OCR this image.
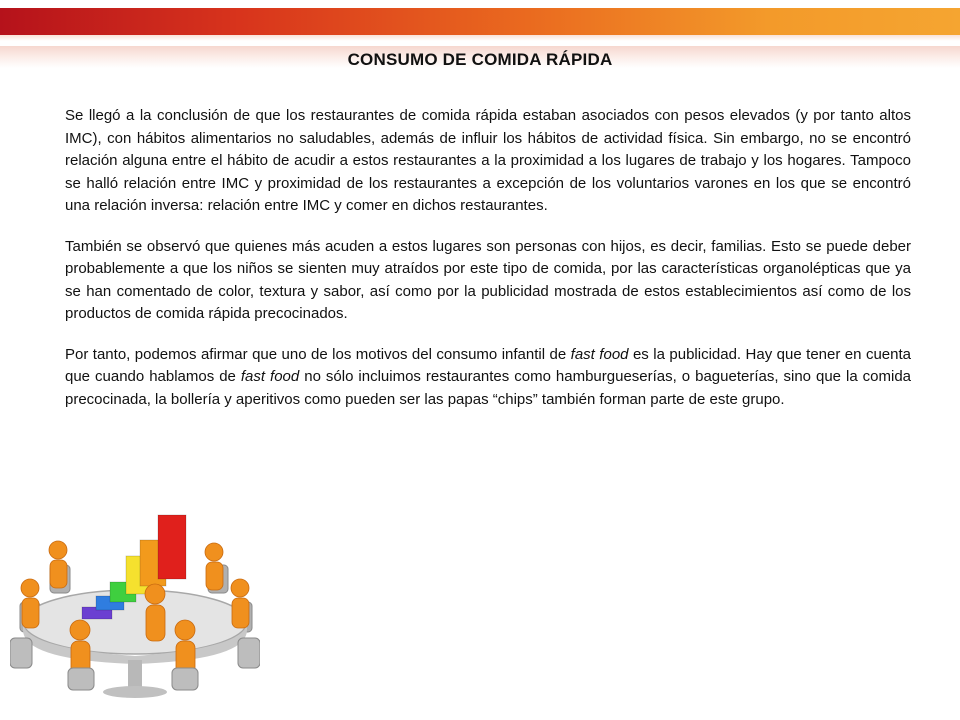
CONSUMO DE COMIDA RÁPIDA

Se llegó a la conclusión de que los restaurantes de comida rápida estaban asociados con pesos elevados (y por tanto altos IMC), con hábitos alimentarios no saludables, además de influir los hábitos de actividad física. Sin embargo, no se encontró relación alguna entre el hábito de acudir a estos restaurantes a la proximidad a los lugares de trabajo y los hogares. Tampoco se halló relación entre IMC y proximidad de los restaurantes a excepción de los voluntarios varones en los que se encontró una relación inversa: relación entre IMC y comer en dichos restaurantes.

También se observó que quienes más acuden a estos lugares son personas con hijos, es decir, familias. Esto se puede deber probablemente a que los niños se sienten muy atraídos por este tipo de comida, por las características organolépticas que ya se han comentado de color, textura y sabor, así como por la publicidad mostrada de estos establecimientos así como de los productos de comida rápida precocinados.

Por tanto, podemos afirmar que uno de los motivos del consumo infantil de fast food es la publicidad. Hay que tener en cuenta que cuando hablamos de fast food no sólo incluimos restaurantes como hamburgueserías, o bagueterías, sino que la comida precocinada, la bollería y aperitivos como pueden ser las papas “chips” también forman parte de este grupo.
